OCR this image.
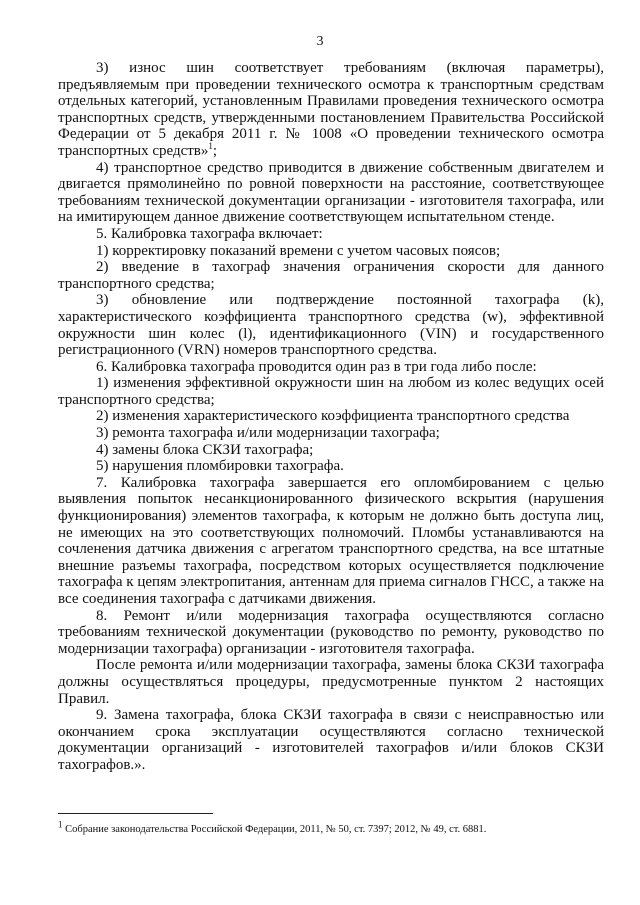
3

3) износ шин соответствует требованиям (включая параметры), предъявляемым при проведении технического осмотра к транспортным средствам отдельных категорий, установленным Правилами проведения технического осмотра транспортных средств, утвержденными постановлением Правительства Российской Федерации от 5 декабря 2011 г. № 1008 «О проведении технического осмотра транспортных средств»$^1$;

4) транспортное средство приводится в движение собственным двигателем и двигается прямолинейно по ровной поверхности на расстояние, соответствующее требованиям технической документации организации - изготовителя тахографа, или на имитирующем данное движение соответствующем испытательном стенде.

5. Калибровка тахографа включает:

1) корректировку показаний времени с учетом часовых поясов;

2) введение в тахограф значения ограничения скорости для данного транспортного средства;

3) обновление или подтверждение постоянной тахографа (k), характеристического коэффициента транспортного средства (w), эффективной окружности шин колес (l), идентификационного (VIN) и государственного регистрационного (VRN) номеров транспортного средства.

6. Калибровка тахографа проводится один раз в три года либо после:

1) изменения эффективной окружности шин на любом из колес ведущих осей транспортного средства;

2) изменения характеристического коэффициента транспортного средства

3) ремонта тахографа и/или модернизации тахографа;

4) замены блока СКЗИ тахографа;

5) нарушения пломбировки тахографа.

7. Калибровка тахографа завершается его опломбированием с целью выявления попыток несанкционированного физического вскрытия (нарушения функционирования) элементов тахографа, к которым не должно быть доступа лиц, не имеющих на это соответствующих полномочий. Пломбы устанавливаются на сочленения датчика движения с агрегатом транспортного средства, на все штатные внешние разъемы тахографа, посредством которых осуществляется подключение тахографа к цепям электропитания, антеннам для приема сигналов ГНСС, а также на все соединения тахографа с датчиками движения.

8. Ремонт и/или модернизация тахографа осуществляются согласно требованиям технической документации (руководство по ремонту, руководство по модернизации тахографа) организации - изготовителя тахографа.

После ремонта и/или модернизации тахографа, замены блока СКЗИ тахографа должны осуществляться процедуры, предусмотренные пунктом 2 настоящих Правил.

9. Замена тахографа, блока СКЗИ тахографа в связи с неисправностью или окончанием срока эксплуатации осуществляются согласно технической документации организаций - изготовителей тахографов и/или блоков СКЗИ тахографов.».

$^1$ Собрание законодательства Российской Федерации, 2011, № 50, ст. 7397; 2012, № 49, ст. 6881.
